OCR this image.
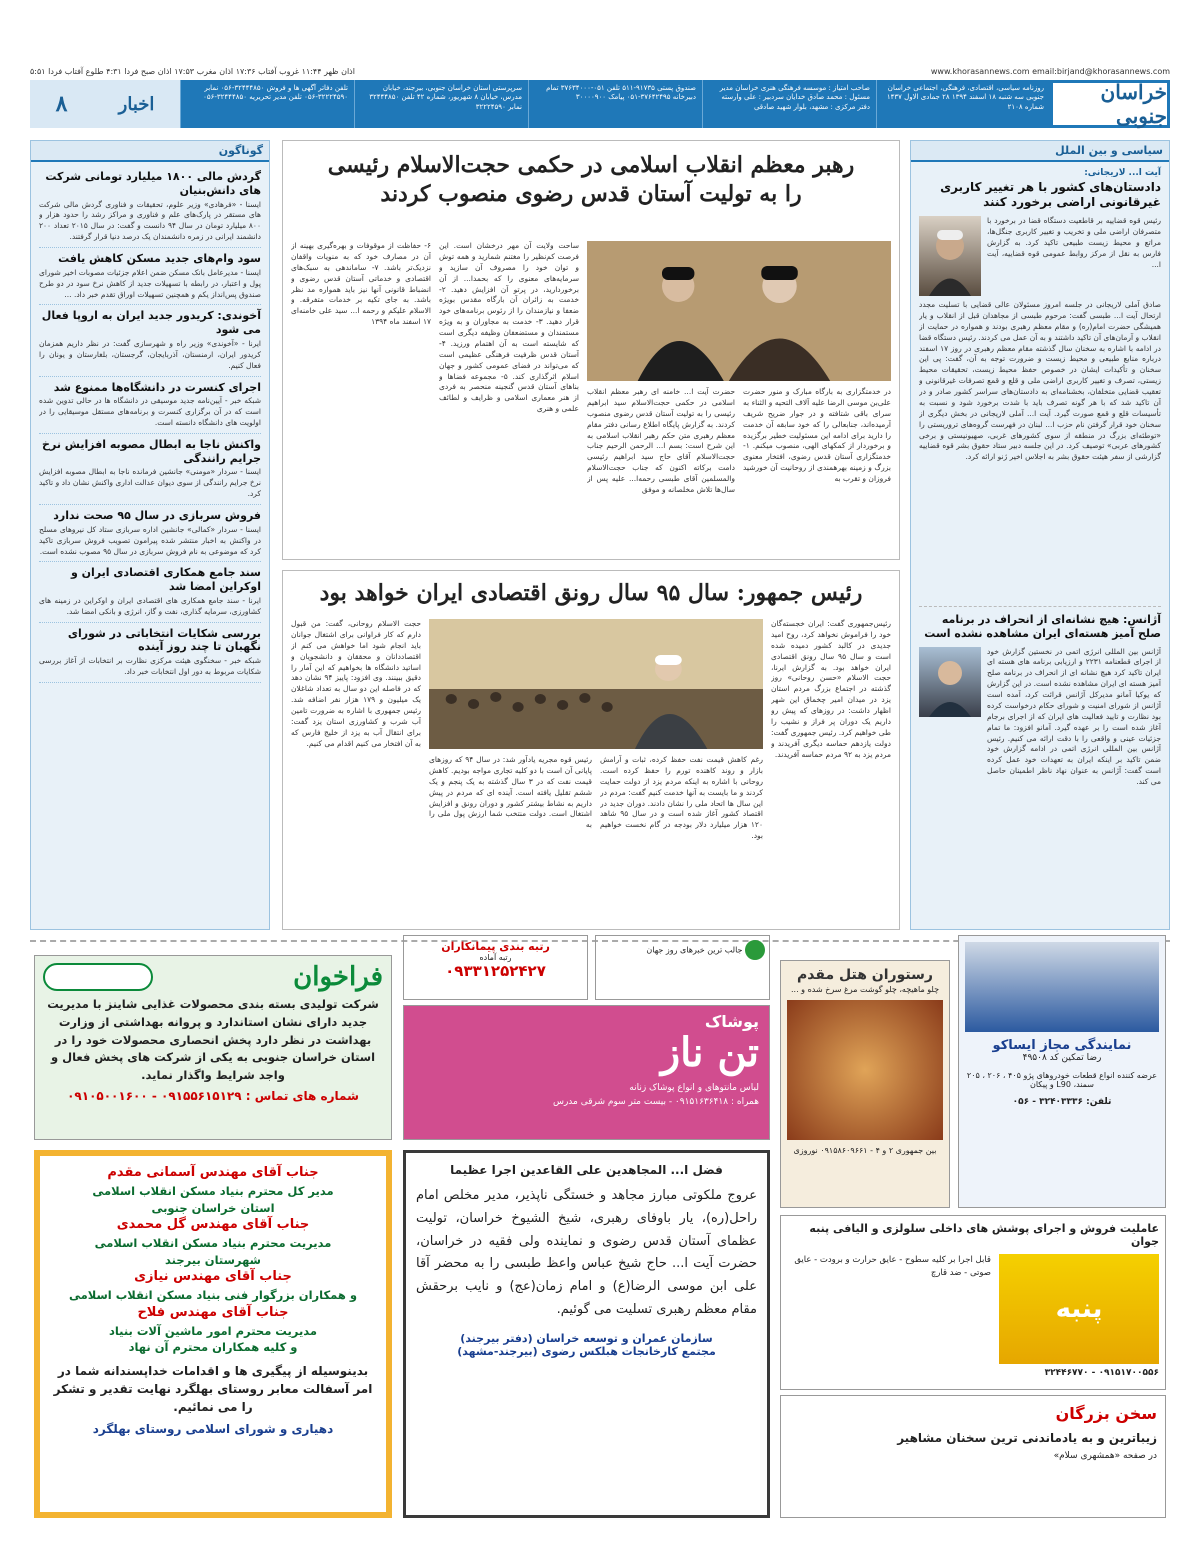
www.khorasannews.com email:birjand@khorasannews.com
اذان ظهر ۱۱:۴۴ غروب آفتاب ۱۷:۳۶ اذان مغرب ۱۷:۵۳ اذان صبح فردا ۴:۳۱ طلوع آفتاب فردا ۵:۵۱
خراسان جنوبی
روزنامه سیاسی، اقتصادی، فرهنگی، اجتماعی خراسان جنوبی سه شنبه ۱۸ اسفند ۱۳۹۴ ۲۸ جمادی الاول ۱۴۳۷ شماره ۲۱۰۸
صاحب امتیاز : موسسه فرهنگی هنری خراسان مدیر مسئول : محمد صادق خدایان سردبیر : علی وارسته دفتر مرکزی : مشهد، بلوار شهید صادقی
صندوق پستی ۹۱۷۳۵-۵۱۱ تلفن ۰۵۱-۳۷۶۳۴۰۰۰ تمام دبیرخانه ۳۷۶۴۲۴۹۵-۰۵۱ پیامک ۳۰۰۰۰۹۰۰
سرپرستی استان خراسان جنوبی، بیرجند، خیابان مدرس، خیابان ۸ شهریور، شماره ۴۲ تلفن ۳۲۴۴۴۸۵۰ نمابر ۳۲۲۲۴۵۹۰
تلفن دفاتر آگهی ها و فروش ۳۲۴۴۴۸۵۰-۰۵۶ نمابر ۳۲۲۲۴۵۹۰-۰۵۶ تلفن مدیر تحریریه ۳۲۴۴۴۸۵۰-۰۵۶
اخبار
۸
سیاسی و بین الملل
آیت ا... لاریجانی:
دادستان‌های کشور با هر تغییر کاربری غیرقانونی اراضی برخورد کنند
رئیس قوه قضاییه بر قاطعیت دستگاه قضا در برخورد با متصرفان اراضی ملی و تخریب و تغییر کاربری جنگل‌ها، مراتع و محیط زیست طبیعی تاکید کرد. به گزارش فارس به نقل از مرکز روابط عمومی قوه قضاییه، آیت ا...
صادق آملی لاریجانی در جلسه امروز مسئولان عالی قضایی با تسلیت مجدد ارتحال آیت ا... طبسی گفت: مرحوم طبسی از مجاهدان قبل از انقلاب و یار همیشگی حضرت امام(ره) و مقام معظم رهبری بودند و همواره در حمایت از انقلاب و آرمان‌های آن تاکید داشتند و به آن عمل می کردند. رئیس دستگاه قضا در ادامه با اشاره به سخنان سال گذشته مقام معظم رهبری در روز ۱۷ اسفند درباره منابع طبیعی و محیط زیست و ضرورت توجه به آن، گفت: پی این سخنان و تأکیدات ایشان در خصوص حفظ محیط زیست، تحقیقات محیط زیستی، تصرف و تغییر کاربری اراضی ملی و قلع و قمع تصرفات غیرقانونی و تعقیب قضایی متخلفان، بخشنامه‌ای به دادستان‌های سراسر کشور صادر و در آن تاکید شد که با هر گونه تصرف باید با شدت برخورد شود و نسبت به تأسیسات قلع و قمع صورت گیرد. آیت ا... آملی لاریجانی در بخش دیگری از سخنان خود قرار گرفتن نام حزب ا... لبنان در فهرست گروه‌های تروریستی را «توطئه‌ای بزرگ در منطقه از سوی کشورهای غربی، صهیونیستی و برخی کشورهای عربی» توصیف کرد. در این جلسه دبیر ستاد حقوق بشر قوه قضاییه گزارشی از سفر هیئت حقوق بشر به اجلاس اخیر ژنو ارائه کرد.
آژانس: هیچ نشانه‌ای از انحراف در برنامه صلح آمیز هسته‌ای ایران مشاهده نشده است
آژانس بین المللی انرژی اتمی در نخستین گزارش خود از اجرای قطعنامه ۲۲۳۱ و ارزیابی برنامه های هسته ای ایران تاکید کرد هیچ نشانه ای از انحراف در برنامه صلح آمیز هسته ای ایران مشاهده نشده است. در این گزارش که یوکیا آمانو مدیرکل آژانس قرائت کرد، آمده است آژانس از شورای امنیت و شورای حکام درخواست کرده بود نظارت و تایید فعالیت های ایران که از اجرای برجام آغاز شده است را بر عهده گیرد. آمانو افزود: ما تمام جزئیات عینی و واقعی را با دقت ارائه می کنیم. رئیس آژانس بین المللی انرژی اتمی در ادامه گزارش خود ضمن تاکید بر اینکه ایران به تعهدات خود عمل کرده است گفت: آژانس به عنوان نهاد ناظر اطمینان حاصل می کند.
گوناگون
گردش مالی ۱۸۰۰ میلیارد تومانی شرکت های دانش‌بنیان
ایسنا - «فرهادی» وزیر علوم، تحقیقات و فناوری گردش مالی شرکت های مستقر در پارک‌های علم و فناوری و مراکز رشد را حدود هزار و ۸۰۰ میلیارد تومان در سال ۹۴ دانست و گفت: در سال ۲۰۱۵ تعداد ۲۰۰ دانشمند ایرانی در زمره دانشمندان یک درصد دنیا قرار گرفتند.
سود وام‌های جدید مسکن کاهش یافت
ایسنا - مدیرعامل بانک مسکن ضمن اعلام جزئیات مصوبات اخیر شورای پول و اعتبار، در رابطه با تسهیلات جدید از کاهش نرخ سود در دو طرح صندوق پس‌انداز یکم و همچنین تسهیلات اوراق تقدم خبر داد. ...
آخوندی: کریدور جدید ایران به اروپا فعال می شود
ایرنا - «آخوندی» وزیر راه و شهرسازی گفت: در نظر داریم همزمان کریدور ایران، ارمنستان، آذربایجان، گرجستان، بلغارستان و یونان را فعال کنیم.
اجرای کنسرت در دانشگاه‌ها ممنوع شد
شبکه خبر - آیین‌نامه جدید موسیقی در دانشگاه ها در حالی تدوین شده است که در آن برگزاری کنسرت و برنامه‌های مستقل موسیقایی را در اولویت های دانشگاه دانسته است.
واکنش ناجا به ابطال مصوبه افزایش نرخ جرایم رانندگی
ایسنا - سردار «مومنی» جانشین فرمانده ناجا به ابطال مصوبه افزایش نرخ جرایم رانندگی از سوی دیوان عدالت اداری واکنش نشان داد و تاکید کرد.
فروش سربازی در سال ۹۵ صحت ندارد
ایسنا - سردار «کمالی» جانشین اداره سربازی ستاد کل نیروهای مسلح در واکنش به اخبار منتشر شده پیرامون تصویب فروش سربازی تاکید کرد که موضوعی به نام فروش سربازی در سال ۹۵ مصوب نشده است.
سند جامع همکاری اقتصادی ایران و اوکراین امضا شد
ایرنا - سند جامع همکاری های اقتصادی ایران و اوکراین در زمینه های کشاورزی، سرمایه گذاری، نفت و گاز، انرژی و بانکی امضا شد.
بررسی شکایات انتخاباتی در شورای نگهبان تا چند روز آینده
شبکه خبر - سخنگوی هیئت مرکزی نظارت بر انتخابات از آغاز بررسی شکایات مربوط به دور اول انتخابات خبر داد.
رهبر معظم انقلاب اسلامی در حکمی حجت‌الاسلام رئیسی
را به تولیت آستان قدس رضوی منصوب کردند
در خدمتگزاری به بارگاه مبارک و منور حضرت علی‌بن موسی الرضا علیه آلاف التحیه و الثناء به سرای باقی شتافته و در جوار ضریح شریف آرمیده‌اند، جنابعالی را که خود سابقه آن خدمت را دارید برای ادامه این مسئولیت خطیر برگزیده و برخوردار از کمکهای الهی، منصوب میکنم. ۱- خدمتگزاری آستان قدس رضوی، افتخار معنوی بزرگ و زمینه بهرهمندی از روحانیت آن خورشید فروزان و تقرب به
حضرت آیت ا... خامنه ای رهبر معظم انقلاب اسلامی در حکمی حجت‌الاسلام سید ابراهیم رئیسی را به تولیت آستان قدس رضوی منصوب کردند. به گزارش پایگاه اطلاع رسانی دفتر مقام معظم رهبری متن حکم رهبر انقلاب اسلامی به این شرح است: بسم ا... الرحمن الرحیم جناب حجت‌الاسلام آقای حاج سید ابراهیم رئیسی دامت برکاته اکنون که جناب حجت‌الاسلام والمسلمین آقای طبسی رحمه‌ا... علیه پس از سال‌ها تلاش مخلصانه و موفق
ساحت ولایت آن مهر درخشان است. این فرصت کم‌نظیر را مغتنم شمارید و همه توش و توان خود را مصروف آن سازید و سرمایه‌های معنوی را که بحمدا... از آن برخوردارید، در پرتو آن افزایش دهید. ۲- خدمت به زائران آن بارگاه مقدس بویژه ضعفا و نیازمندان را از رئوس برنامه‌های خود قرار دهید. ۳- خدمت به مجاوران و به ویژه مستمندان و مستضعفان وظیفه دیگری است که شایسته است به آن اهتمام ورزید. ۴- آستان قدس ظرفیت فرهنگی عظیمی است که می‌تواند در فضای عمومی کشور و جهان اسلام اثرگذاری کند. ۵- مجموعه فضاها و بناهای آستان قدس گنجینه منحصر به فردی از هنر معماری اسلامی و ظرایف و لطائف علمی و هنری
۶- حفاظت از موقوفات و بهره‌گیری بهینه از آن در مصارف خود که به منویات واقفان نزدیک‌تر باشد. ۷- ساماندهی به سبک‌های اقتصادی و خدماتی آستان قدس رضوی و انضباط قانونی آنها نیز باید همواره مد نظر باشد. به جای تکیه بر خدمات متفرقه. و الاسلام علیکم و رحمه ا... سید علی خامنه‌ای ۱۷ اسفند ماه ۱۳۹۴
رئیس جمهور: سال ۹۵ سال رونق اقتصادی ایران خواهد بود
رئیس‌جمهوری گفت: ایران خجسته‌گان خود را فراموش نخواهد کرد، روح امید جدیدی در کالبد کشور دمیده شده است و سال ۹۵ سال رونق اقتصادی ایران خواهد بود. به گزارش ایرنا، حجت الاسلام «حسن روحانی» روز گذشته در اجتماع بزرگ مردم استان یزد در میدان امیر چخماق این شهر اظهار داشت: در روزهای که پیش رو داریم یک دوران پر فراز و نشیب را طی خواهیم کرد. رئیس جمهوری گفت: دولت یازدهم حماسه دیگری آفریدند و مردم یزد به ۹۲ مردم حماسه آفریدند.
رغم کاهش قیمت نفت حفظ کرده، ثبات و آرامش بازار و روند کاهنده تورم را حفظ کرده است. روحانی با اشاره به اینکه مردم یزد از دولت حمایت کردند و ما بایست به آنها خدمت کنیم گفت: مردم در این سال ها اتحاد ملی را نشان دادند. دوران جدید در اقتصاد کشور آغاز شده است و در سال ۹۵ شاهد ۱۲۰ هزار میلیارد دلار بودجه در گام نخست خواهیم بود.
رئیس قوه مجریه یادآور شد: در سال ۹۴ که روزهای پایانی آن است با دو کلیه تجاری مواجه بودیم. کاهش قیمت نفت که در ۳ سال گذشته به یک پنجم و یک ششم تقلیل یافته است. آینده ای که مردم در پیش داریم به نشاط بیشتر کشور و دوران رونق و افزایش اشتغال است. دولت منتخب شما ارزش پول ملی را به
حجت الاسلام روحانی، گفت: من قبول دارم که کار فراوانی برای اشتغال جوانان باید انجام شود اما خواهش می کنم از اقتصاددانان و محققان و دانشجویان و اساتید دانشگاه ها بخواهیم که این آمار را دقیق ببینند. وی افزود: پاییز ۹۴ نشان دهد که در فاصله این دو سال به تعداد شاغلان یک میلیون و ۱۷۹ هزار نفر اضافه شد. رئیس جمهوری با اشاره به ضرورت تامین آب شرب و کشاورزی استان یزد گفت: برای انتقال آب به یزد از خلیج فارس که به آن افتخار می کنیم اقدام می کنیم.
فراخوان
شرکت تولیدی بسته بندی محصولات غذایی شاینز با مدیریت جدید دارای نشان استاندارد و پروانه بهداشتی از وزارت بهداشت در نظر دارد پخش انحصاری محصولات خود را در استان خراسان جنوبی به یکی از شرکت های پخش فعال و واجد شرایط واگذار نماید.
شماره های تماس : ۰۹۱۵۵۶۱۵۱۲۹ - ۰۹۱۰۵۰۰۱۶۰۰
رتبه بندی پیمانکاران
رتبه آماده
۰۹۳۳۱۲۵۲۴۲۷
جالب ترین خبرهای روز جهان
پوشاک
تن ناز
لباس مانتوهای و انواع پوشاک زنانه
همراه : ۰۹۱۵۱۶۳۶۴۱۸ - بیست متر سوم شرقی مدرس
رستوران هتل مقدم
چلو ماهیچه، چلو گوشت مرغ سرخ شده و ...
بین جمهوری ۲ و ۴ - ۰۹۱۵۸۶۰۹۶۶۱ نوروزی
نمایندگی مجاز ایساکو
رضا تمکین کد ۴۹۵۰۸
عرضه کننده انواع قطعات خودروهای پژو ۴۰۵ ، ۲۰۶ ، ۲۰۵ سمند، L90 و پیکان
تلفن: ۳۲۴۰۳۳۳۶ - ۰۵۶
جناب آقای مهندس آسمانی مقدم
مدیر کل محترم بنیاد مسکن انقلاب اسلامی
استان خراسان جنوبی
جناب آقای مهندس گل محمدی
مدیریت محترم بنیاد مسکن انقلاب اسلامی
شهرستان بیرجند
جناب آقای مهندس نیازی
و همکاران بزرگوار فنی بنیاد مسکن انقلاب اسلامی
جناب آقای مهندس فلاح
مدیریت محترم امور ماشین آلات بنیاد
و کلیه همکاران محترم آن نهاد
بدینوسیله از پیگیری ها و اقدامات خداپسندانه شما در امر آسفالت معابر روستای بهلگرد نهایت تقدیر و تشکر را می نمائیم.
دهیاری و شورای اسلامی روستای بهلگرد
فضل ا... المجاهدین علی القاعدین اجرا عظیما
عروج ملکوتی مبارز مجاهد و خستگی ناپذیر، مدیر مخلص امام راحل(ره)، یار باوفای رهبری، شیخ الشیوخ خراسان، تولیت عظمای آستان قدس رضوی و نماینده ولی فقیه در خراسان، حضرت آیت ا... حاج شیخ عباس واعظ طبسی را به محضر آقا علی ابن موسی الرضا(ع) و امام زمان(عج) و نایب برحقش مقام معظم رهبری تسلیت می گوئیم.
سازمان عمران و توسعه خراسان (دفتر بیرجند)
مجتمع کارخانجات هبلکس رضوی (بیرجند-مشهد)
عاملیت فروش و اجرای پوشش های داخلی سلولزی و الیافی پنبه جوان
پنبه
قابل اجرا بر کلیه سطوح - عایق حرارت و برودت - عایق صوتی - ضد قارچ
۰۹۱۵۱۷۰۰۵۵۶ - ۳۲۴۴۶۷۷۰
سخن بزرگان
زیباترین و به یادماندنی ترین سخنان مشاهیر
در صفحه «همشهری سلام»
